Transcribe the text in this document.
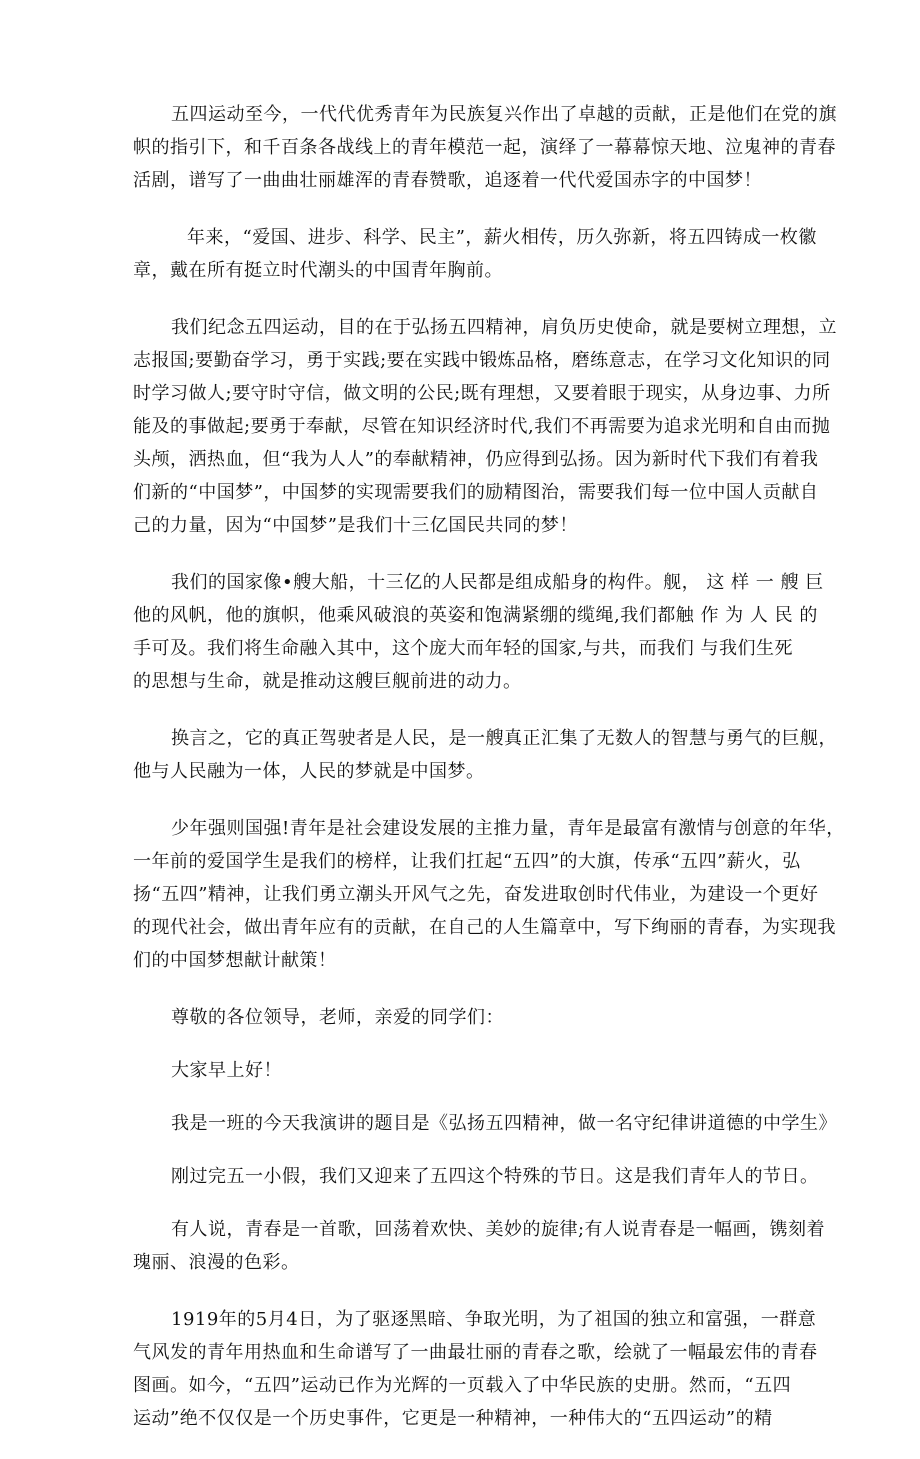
五四运动至今，一代代优秀青年为民族复兴作出了卓越的贡献，正是他们在党的旗
帜的指引下，和千百条各战线上的青年模范一起，演绎了一幕幕惊天地、泣鬼神的青春
活剧，谱写了一曲曲壮丽雄浑的青春赞歌，追逐着一代代爱国赤字的中国梦！

年来，“爱国、进步、科学、民主”，薪火相传，历久弥新，将五四铸成一枚徽
章，戴在所有挺立时代潮头的中国青年胸前。

我们纪念五四运动，目的在于弘扬五四精神，肩负历史使命，就是要树立理想，立
志报国;要勤奋学习，勇于实践;要在实践中锻炼品格，磨练意志，在学习文化知识的同
时学习做人;要守时守信，做文明的公民;既有理想，又要着眼于现实，从身边事、力所
能及的事做起;要勇于奉献，尽管在知识经济时代,我们不再需要为追求光明和自由而抛
头颅，洒热血，但“我为人人”的奉献精神，仍应得到弘扬。因为新时代下我们有着我
们新的“中国梦”，中国梦的实现需要我们的励精图治，需要我们每一位中国人贡献自
己的力量，因为“中国梦”是我们十三亿国民共同的梦！

我们的国家像•艘大船，十三亿的人民都是组成船身的构件。舰， 这 样 一 艘 巨
他的风帆，他的旗帜，他乘风破浪的英姿和饱满紧绷的缆绳,我们都触 作 为 人 民 的
手可及。我们将生命融入其中，这个庞大而年轻的国家,与共，而我们 与我们生死
的思想与生命，就是推动这艘巨舰前进的动力。

换言之，它的真正驾驶者是人民，是一艘真正汇集了无数人的智慧与勇气的巨舰，
他与人民融为一体，人民的梦就是中国梦。

少年强则国强!青年是社会建设发展的主推力量，青年是最富有激情与创意的年华，
一年前的爱国学生是我们的榜样，让我们扛起“五四”的大旗，传承“五四”薪火，弘
扬“五四”精神，让我们勇立潮头开风气之先，奋发进取创时代伟业，为建设一个更好
的现代社会，做出青年应有的贡献，在自己的人生篇章中，写下绚丽的青春，为实现我
们的中国梦想献计献策！

尊敬的各位领导，老师，亲爱的同学们：

大家早上好！

我是一班的今天我演讲的题目是《弘扬五四精神，做一名守纪律讲道德的中学生》

刚过完五一小假，我们又迎来了五四这个特殊的节日。这是我们青年人的节日。

有人说，青春是一首歌，回荡着欢快、美妙的旋律;有人说青春是一幅画，镌刻着
瑰丽、浪漫的色彩。

1919年的5月4日，为了驱逐黑暗、争取光明，为了祖国的独立和富强，一群意
气风发的青年用热血和生命谱写了一曲最壮丽的青春之歌，绘就了一幅最宏伟的青春
图画。如今，“五四”运动已作为光辉的一页载入了中华民族的史册。然而，“五四
运动”绝不仅仅是一个历史事件，它更是一种精神，一种伟大的“五四运动”的精
